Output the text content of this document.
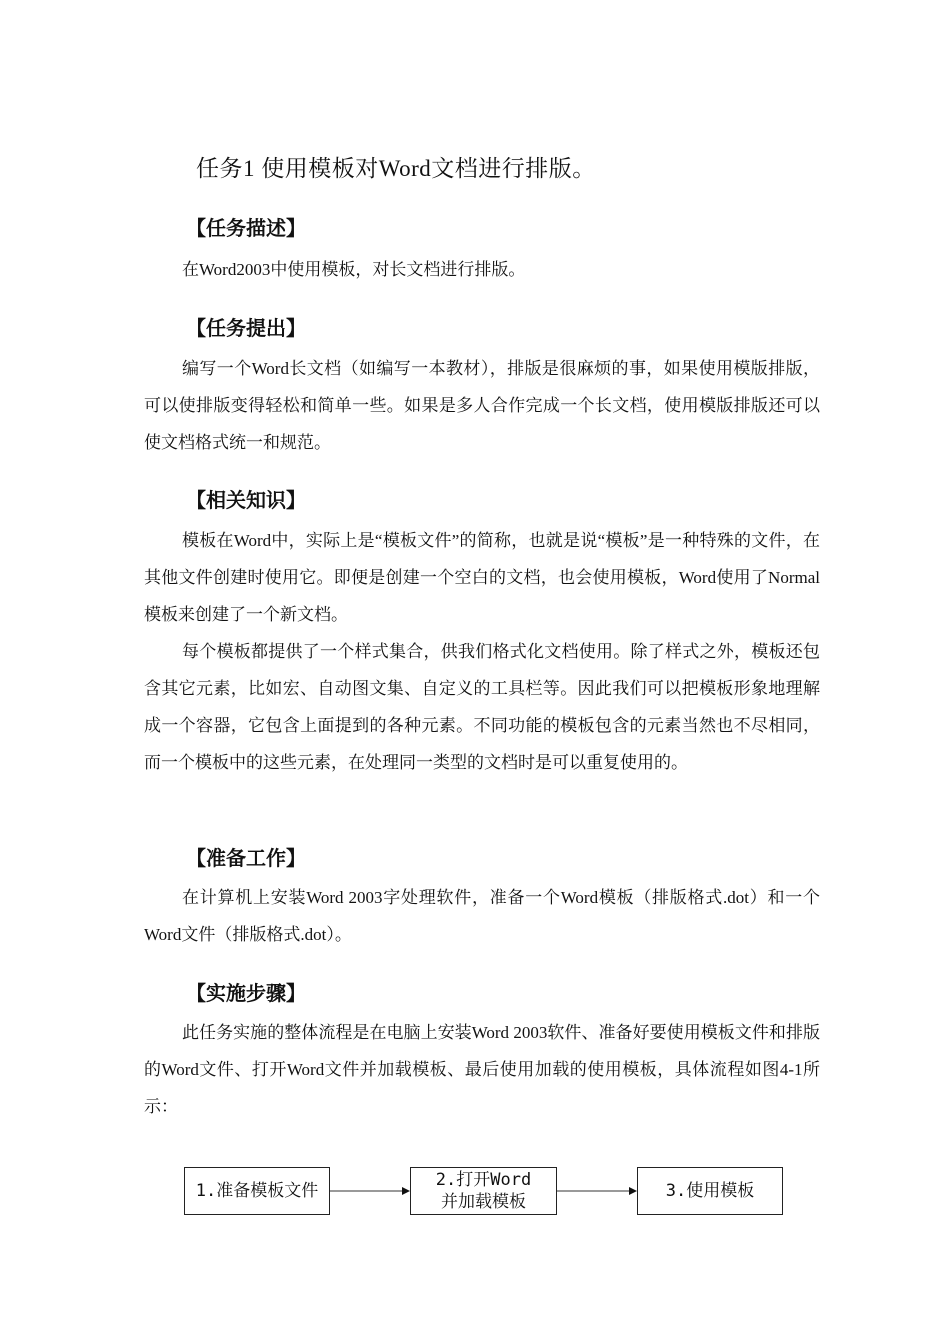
任务1 使用模板对Word文档进行排版。
【任务描述】
在Word2003中使用模板，对长文档进行排版。
【任务提出】
编写一个Word长文档（如编写一本教材），排版是很麻烦的事，如果使用模版排版，可以使排版变得轻松和简单一些。如果是多人合作完成一个长文档，使用模版排版还可以使文档格式统一和规范。
【相关知识】
模板在Word中，实际上是“模板文件”的简称，也就是说“模板”是一种特殊的文件，在其他文件创建时使用它。即便是创建一个空白的文档，也会使用模板，Word使用了Normal模板来创建了一个新文档。
每个模板都提供了一个样式集合，供我们格式化文档使用。除了样式之外，模板还包含其它元素，比如宏、自动图文集、自定义的工具栏等。因此我们可以把模板形象地理解成一个容器，它包含上面提到的各种元素。不同功能的模板包含的元素当然也不尽相同，而一个模板中的这些元素，在处理同一类型的文档时是可以重复使用的。
【准备工作】
在计算机上安装Word 2003字处理软件，准备一个Word模板（排版格式.dot）和一个Word文件（排版格式.dot）。
【实施步骤】
此任务实施的整体流程是在电脑上安装Word 2003软件、准备好要使用模板文件和排版的Word文件、打开Word文件并加载模板、最后使用加载的使用模板，具体流程如图4-1所示：
1.准备模板文件
2.打开Word
并加载模板
3.使用模板
